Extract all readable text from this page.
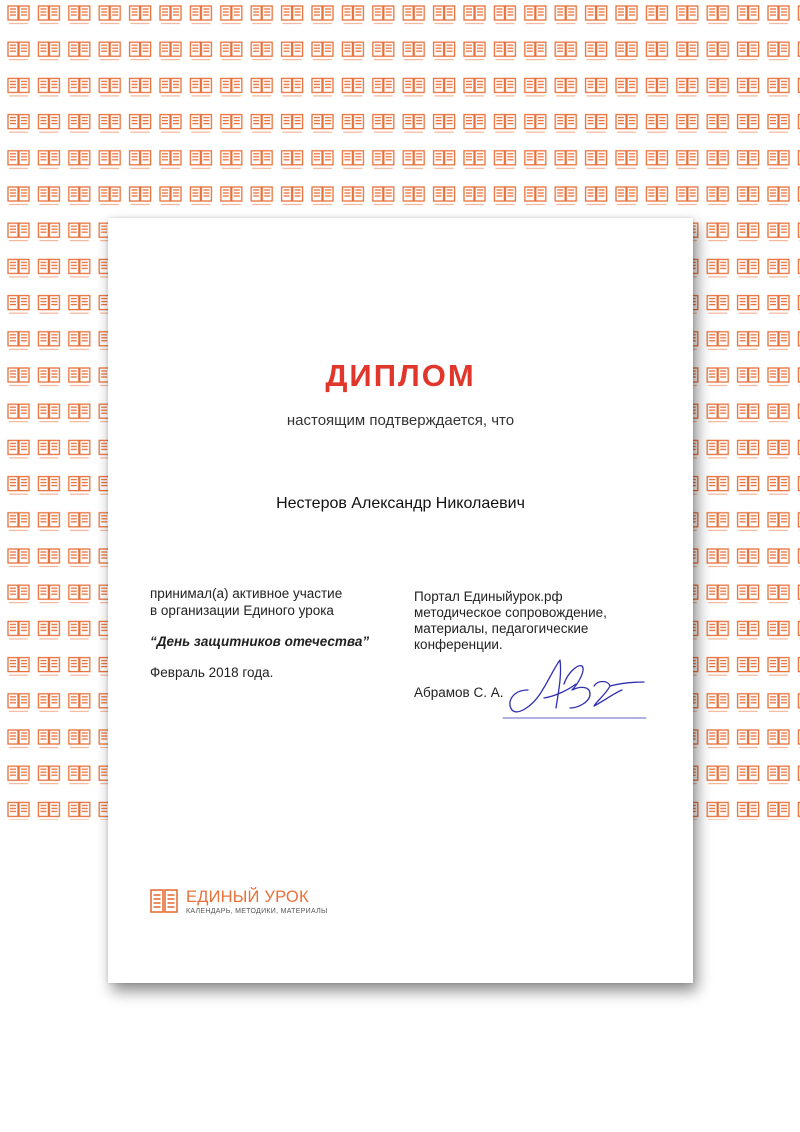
ДИПЛОМ
настоящим подтверждается, что
Нестеров Александр Николаевич
принимал(а) активное участие
в организации Единого урока
“День защитников отечества”
Февраль 2018 года.
Портал Единыйурок.рф
методическое сопровождение,
материалы, педагогические
конференции.
Абрамов С. А.
ЕДИНЫЙ УРОК
КАЛЕНДАРЬ, МЕТОДИКИ, МАТЕРИАЛЫ
